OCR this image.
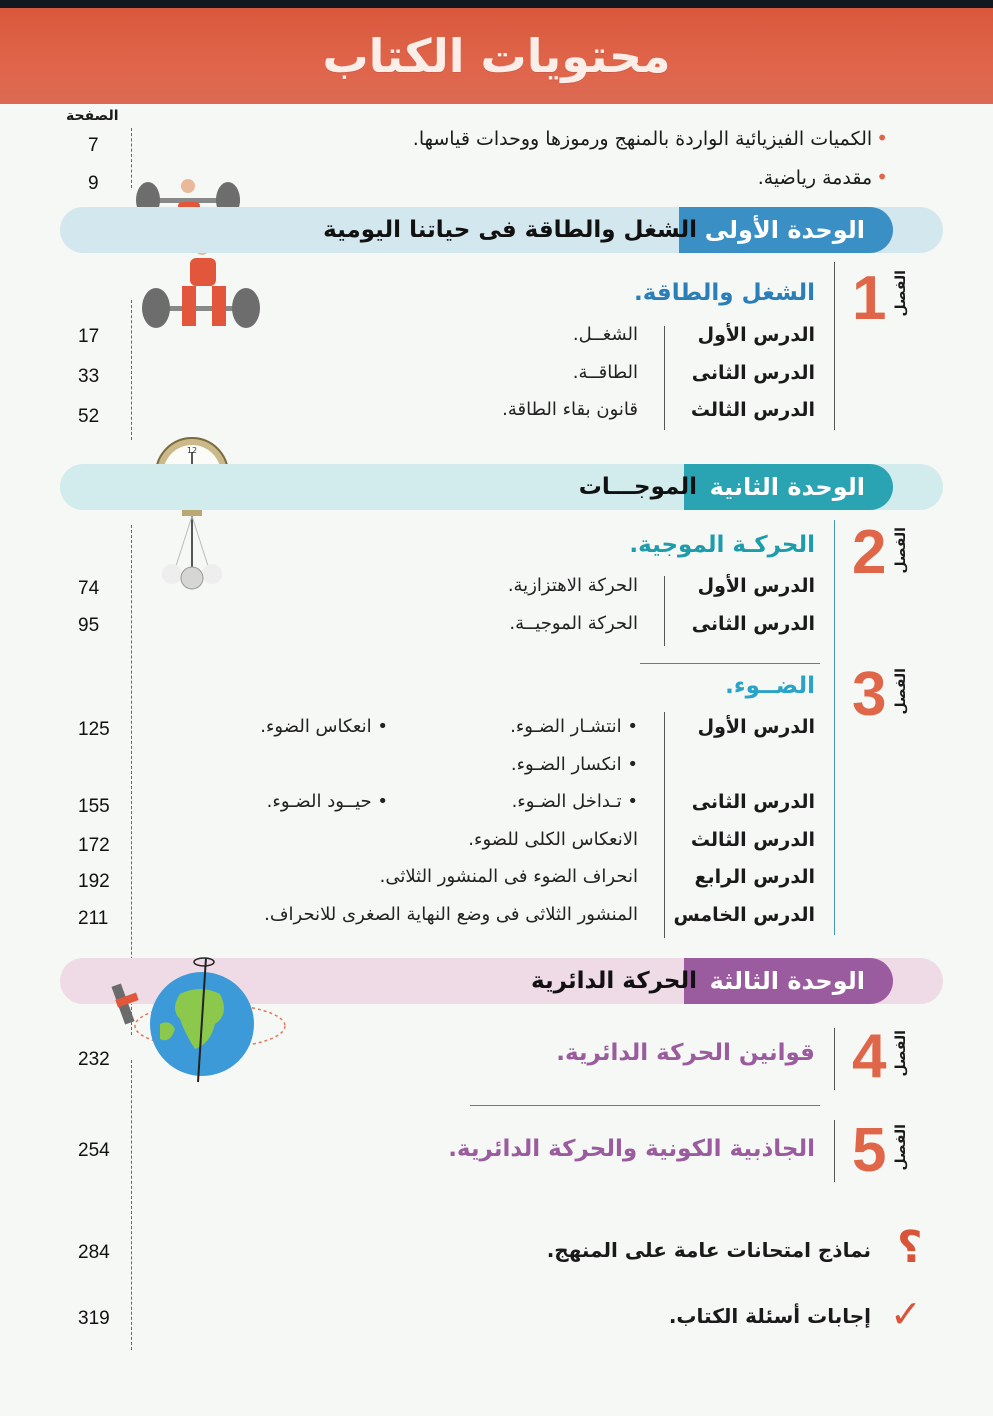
محتويات الكتاب
الصفحة
•الكميات الفيزيائية الواردة بالمنهج ورموزها ووحدات قياسها.
7
•مقدمة رياضية.
9
الوحدة الأولى
الشغل والطاقة فى حياتنا اليومية
الفصل
1
الشغل والطاقة.
الدرس الأول
الشغــل.
17
الدرس الثانى
الطاقــة.
33
الدرس الثالث
قانون بقاء الطاقة.
52
12
الوحدة الثانية
الموجـــات
الفصل
2
الحركـة الموجية.
الدرس الأول
الحركة الاهتزازية.
74
الدرس الثانى
الحركة الموجيــة.
95
الفصل
3
الضــوء.
الدرس الأول
• انتشـار الضـوء.
• انعكاس الضوء.
125
• انكسار الضـوء.
الدرس الثانى
• تـداخل الضـوء.
• حيــود الضـوء.
155
الدرس الثالث
الانعكاس الكلى للضوء.
172
الدرس الرابع
انحراف الضوء فى المنشور الثلاثى.
192
الدرس الخامس
المنشور الثلاثى فى وضع النهاية الصغرى للانحراف.
211
الوحدة الثالثة
الحركة الدائرية
الفصل
4
قوانين الحركة الدائرية.
232
الفصل
5
الجاذبية الكونية والحركة الدائرية.
254
؟
نماذج امتحانات عامة على المنهج.
284
✓
إجابات أسئلة الكتاب.
319
